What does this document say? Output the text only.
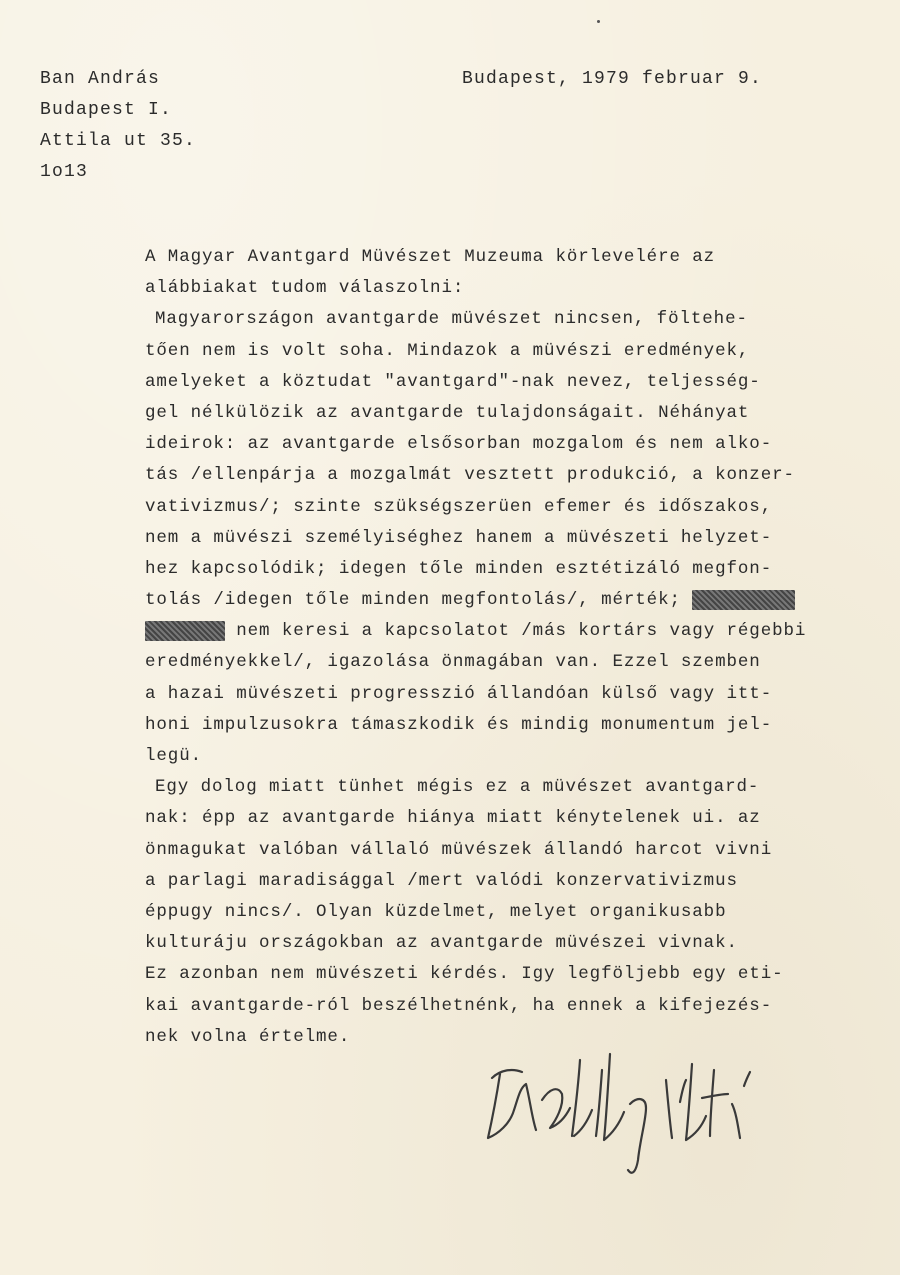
Ban András
Budapest I.
Attila ut 35.
1o13
Budapest, 1979 februar 9.
A Magyar Avantgard Müvészet Muzeuma körlevelére az
alábbiakat tudom válaszolni:
Magyarországon avantgarde müvészet nincsen, föltehe-
tően nem is volt soha. Mindazok a müvészi eredmények,
amelyeket a köztudat "avantgard"-nak nevez, teljesség-
gel nélkülözik az avantgarde tulajdonságait. Néhányat
ideirok: az avantgarde elsősorban mozgalom és nem alko-
tás /ellenpárja a mozgalmát vesztett produkció, a konzer-
vativizmus/; szinte szükségszerüen efemer és időszakos,
nem a müvészi személyiséghez hanem a müvészeti helyzet-
hez kapcsolódik; idegen tőle minden esztétizáló megfon-
tolás /idegen tőle minden megfontolás/, mérték;
nem keresi a kapcsolatot /más kortárs vagy régebbi
eredményekkel/, igazolása önmagában van. Ezzel szemben
a hazai müvészeti progresszió állandóan külső vagy itt-
honi impulzusokra támaszkodik és mindig monumentum jel-
legü.
Egy dolog miatt tünhet mégis ez a müvészet avantgard-
nak: épp az avantgarde hiánya miatt kénytelenek ui. az
önmagukat valóban vállaló müvészek állandó harcot vivni
a parlagi maradisággal /mert valódi konzervativizmus
éppugy nincs/. Olyan küzdelmet, melyet organikusabb
kulturáju országokban az avantgarde müvészei vivnak.
Ez azonban nem müvészeti kérdés. Igy legföljebb egy eti-
kai avantgarde-ról beszélhetnénk, ha ennek a kifejezés-
nek volna értelme.
